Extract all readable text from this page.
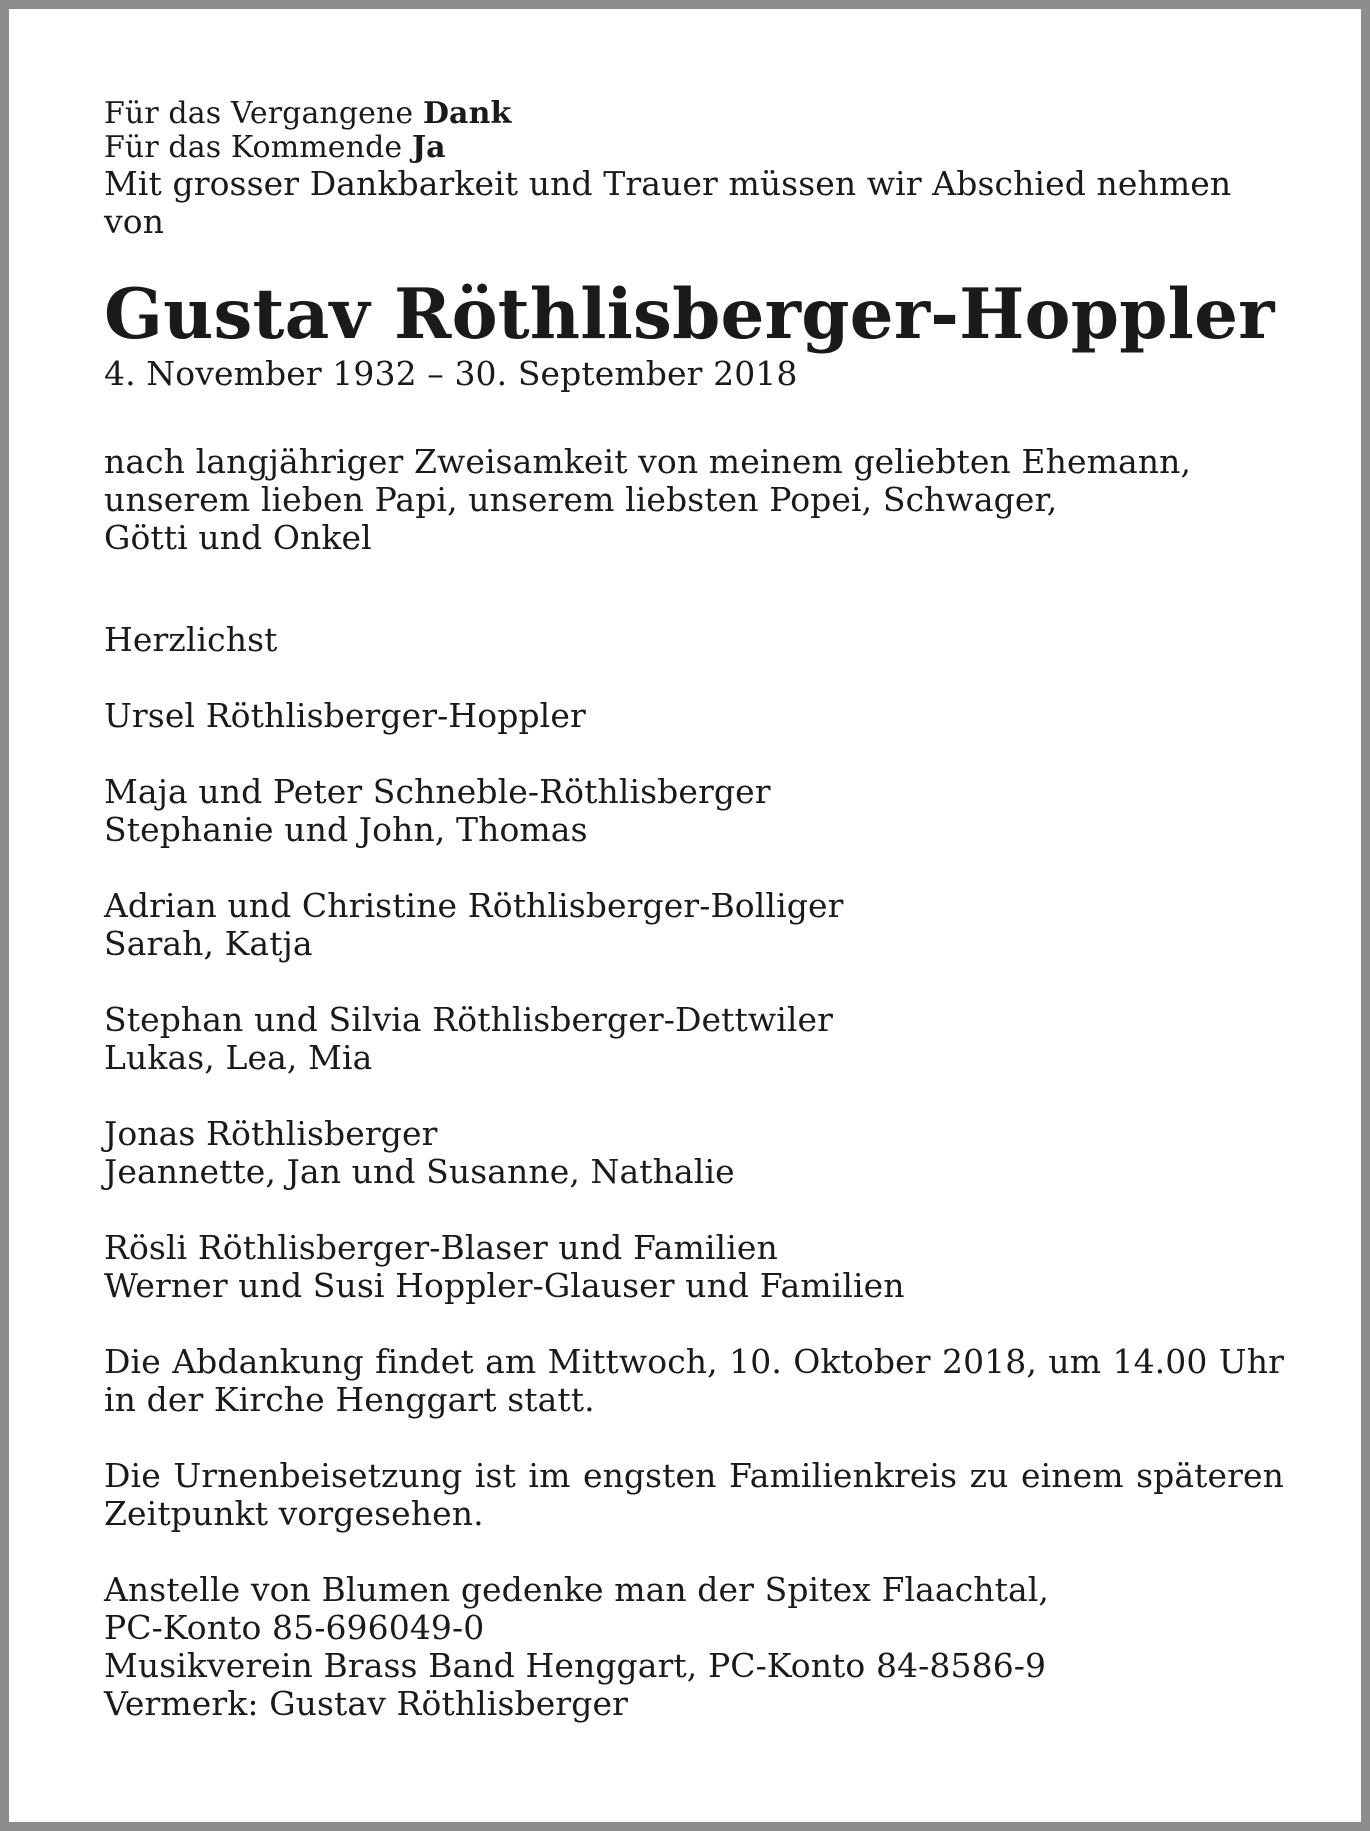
Für das Vergangene Dank
Für das Kommende Ja

Mit grosser Dankbarkeit und Trauer müssen wir Abschied nehmen von

Gustav Röthlisberger-Hoppler

4. November 1932 – 30. September 2018

nach langjähriger Zweisamkeit von meinem geliebten Ehemann,
unserem lieben Papi, unserem liebsten Popei, Schwager,
Götti und Onkel

Herzlichst

Ursel Röthlisberger-Hoppler
Maja und Peter Schneble-Röthlisberger
Stephanie und John, Thomas
Adrian und Christine Röthlisberger-Bolliger
Sarah, Katja
Stephan und Silvia Röthlisberger-Dettwiler
Lukas, Lea, Mia
Jonas Röthlisberger
Jeannette, Jan und Susanne, Nathalie
Rösli Röthlisberger-Blaser und Familien
Werner und Susi Hoppler-Glauser und Familien

Die Abdankung findet am Mittwoch, 10. Oktober 2018, um 14.00 Uhr in der Kirche Henggart statt.

Die Urnenbeisetzung ist im engsten Familienkreis zu einem späteren Zeitpunkt vorgesehen.

Anstelle von Blumen gedenke man der Spitex Flaachtal,
PC-Konto 85-696049-0
Musikverein Brass Band Henggart, PC-Konto 84-8586-9
Vermerk: Gustav Röthlisberger
